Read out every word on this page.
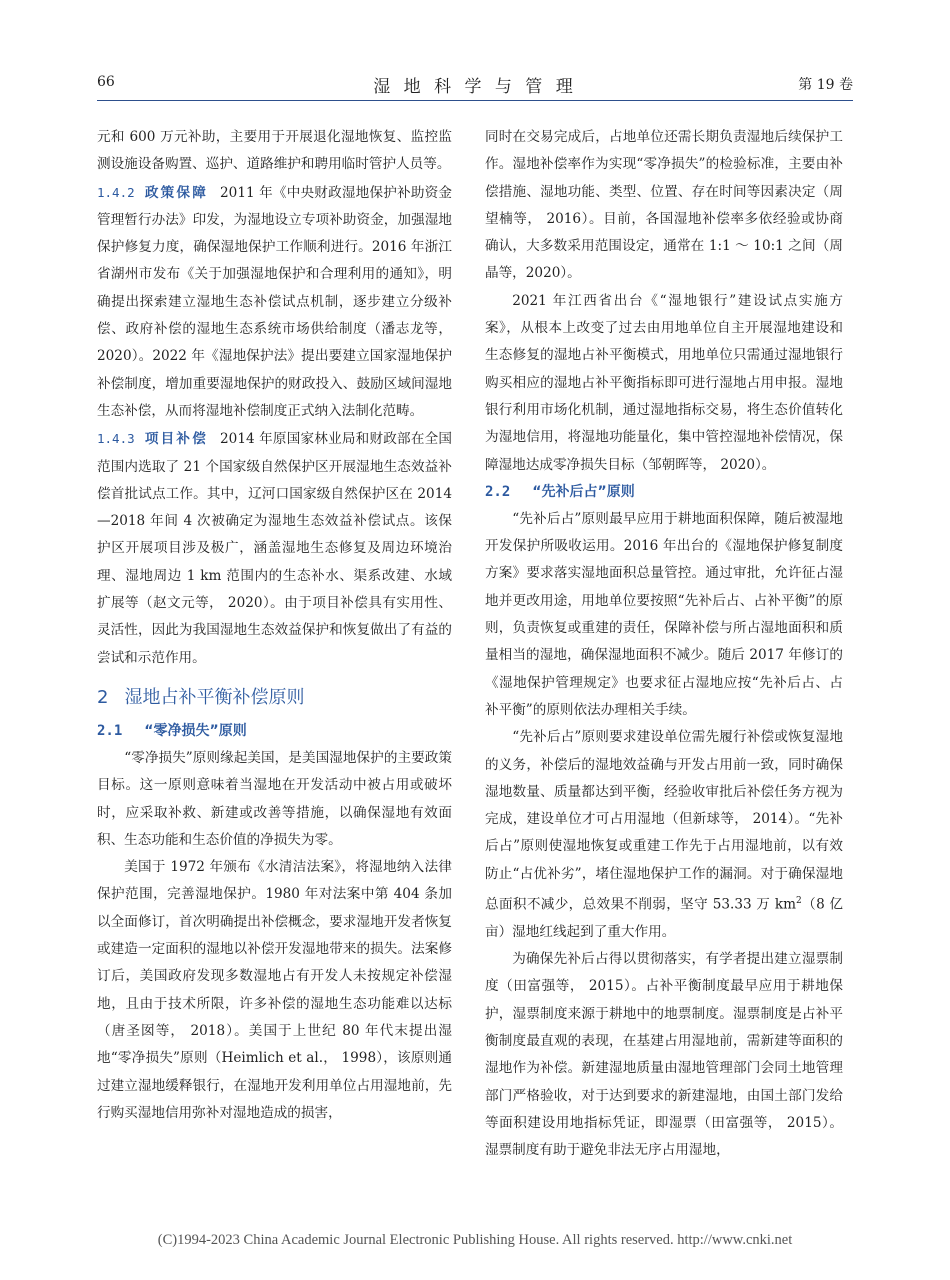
66	湿 地 科 学 与 管 理	第 19 卷

元和 600 万元补助，主要用于开展退化湿地恢复、监控监测设施设备购置、巡护、道路维护和聘用临时管护人员等。

1.4.2 政策保障 2011 年《中央财政湿地保护补助资金管理暂行办法》印发，为湿地设立专项补助资金，加强湿地保护修复力度，确保湿地保护工作顺利进行。2016 年浙江省湖州市发布《关于加强湿地保护和合理利用的通知》，明确提出探索建立湿地生态补偿试点机制，逐步建立分级补偿、政府补偿的湿地生态系统市场供给制度（潘志龙等，2020）。2022 年《湿地保护法》提出要建立国家湿地保护补偿制度，增加重要湿地保护的财政投入、鼓励区域间湿地生态补偿，从而将湿地补偿制度正式纳入法制化范畴。

1.4.3 项目补偿 2014 年原国家林业局和财政部在全国范围内选取了 21 个国家级自然保护区开展湿地生态效益补偿首批试点工作。其中，辽河口国家级自然保护区在 2014—2018 年间 4 次被确定为湿地生态效益补偿试点。该保护区开展项目涉及极广，涵盖湿地生态修复及周边环境治理、湿地周边 1 km 范围内的生态补水、渠系改建、水域扩展等（赵文元等， 2020）。由于项目补偿具有实用性、灵活性，因此为我国湿地生态效益保护和恢复做出了有益的尝试和示范作用。

2 湿地占补平衡补偿原则
2.1 “零净损失”原则

“零净损失”原则缘起美国，是美国湿地保护的主要政策目标。这一原则意味着当湿地在开发活动中被占用或破坏时，应采取补救、新建或改善等措施，以确保湿地有效面积、生态功能和生态价值的净损失为零。

美国于 1972 年颁布《水清洁法案》，将湿地纳入法律保护范围，完善湿地保护。1980 年对法案中第 404 条加以全面修订，首次明确提出补偿概念，要求湿地开发者恢复或建造一定面积的湿地以补偿开发湿地带来的损失。法案修订后，美国政府发现多数湿地占有开发人未按规定补偿湿地，且由于技术所限，许多补偿的湿地生态功能难以达标（唐圣囡等， 2018）。美国于上世纪 80 年代末提出湿地“零净损失”原则（Heimlich et al.， 1998），该原则通过建立湿地缓释银行，在湿地开发利用单位占用湿地前，先行购买湿地信用弥补对湿地造成的损害，

同时在交易完成后，占地单位还需长期负责湿地后续保护工作。湿地补偿率作为实现“零净损失”的检验标准，主要由补偿措施、湿地功能、类型、位置、存在时间等因素决定（周望楠等， 2016）。目前，各国湿地补偿率多依经验或协商确认，大多数采用范围设定，通常在 1:1 ～ 10:1 之间（周晶等，2020）。

2021 年江西省出台《“湿地银行”建设试点实施方案》，从根本上改变了过去由用地单位自主开展湿地建设和生态修复的湿地占补平衡模式，用地单位只需通过湿地银行购买相应的湿地占补平衡指标即可进行湿地占用申报。湿地银行利用市场化机制，通过湿地指标交易，将生态价值转化为湿地信用，将湿地功能量化，集中管控湿地补偿情况，保障湿地达成零净损失目标（邹朝晖等， 2020）。

2.2 “先补后占”原则

“先补后占”原则最早应用于耕地面积保障，随后被湿地开发保护所吸收运用。2016 年出台的《湿地保护修复制度方案》要求落实湿地面积总量管控。通过审批，允许征占湿地并更改用途，用地单位要按照“先补后占、占补平衡”的原则，负责恢复或重建的责任，保障补偿与所占湿地面积和质量相当的湿地，确保湿地面积不减少。随后 2017 年修订的《湿地保护管理规定》也要求征占湿地应按“先补后占、占补平衡”的原则依法办理相关手续。

“先补后占”原则要求建设单位需先履行补偿或恢复湿地的义务，补偿后的湿地效益确与开发占用前一致，同时确保湿地数量、质量都达到平衡，经验收审批后补偿任务方视为完成，建设单位才可占用湿地（但新球等， 2014）。“先补后占”原则使湿地恢复或重建工作先于占用湿地前，以有效防止“占优补劣”，堵住湿地保护工作的漏洞。对于确保湿地总面积不减少，总效果不削弱，坚守 53.33 万 $km^2(8$ 亿亩）湿地红线起到了重大作用。

为确保先补后占得以贯彻落实，有学者提出建立湿票制度（田富强等， 2015）。占补平衡制度最早应用于耕地保护，湿票制度来源于耕地中的地票制度。湿票制度是占补平衡制度最直观的表现，在基建占用湿地前，需新建等面积的湿地作为补偿。新建湿地质量由湿地管理部门会同土地管理部门严格验收，对于达到要求的新建湿地，由国土部门发给等面积建设用地指标凭证，即湿票（田富强等， 2015）。湿票制度有助于避免非法无序占用湿地，

(C)1994-2023 China Academic Journal Electronic Publishing House. All rights reserved. http://www.cnki.net
